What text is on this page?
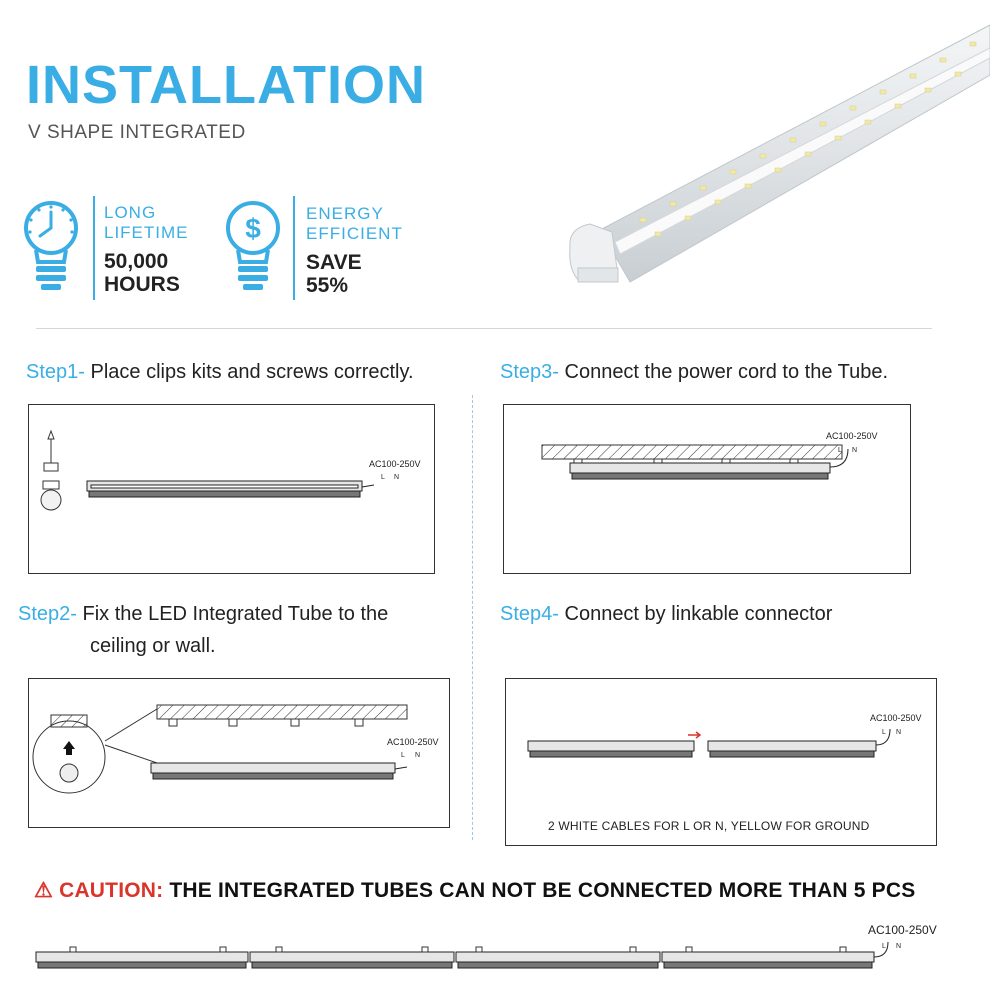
INSTALLATION
V SHAPE INTEGRATED
LONG
LIFETIME
50,000
HOURS
$	ENERGY
EFFICIENT
SAVE
55%
Step1- Place clips kits and screws correctly.
AC100-250V
L N
Step2- Fix the LED Integrated Tube to the
ceiling or wall.
AC100-250V
L N
Step3- Connect the power cord to the Tube.
AC100-250V
L N
Step4- Connect by linkable connector
AC100-250V
L N
2 WHITE CABLES FOR L OR N, YELLOW FOR GROUND
⚠ CAUTION: THE INTEGRATED TUBES CAN NOT BE CONNECTED MORE THAN 5 PCS
AC100-250V
L N
